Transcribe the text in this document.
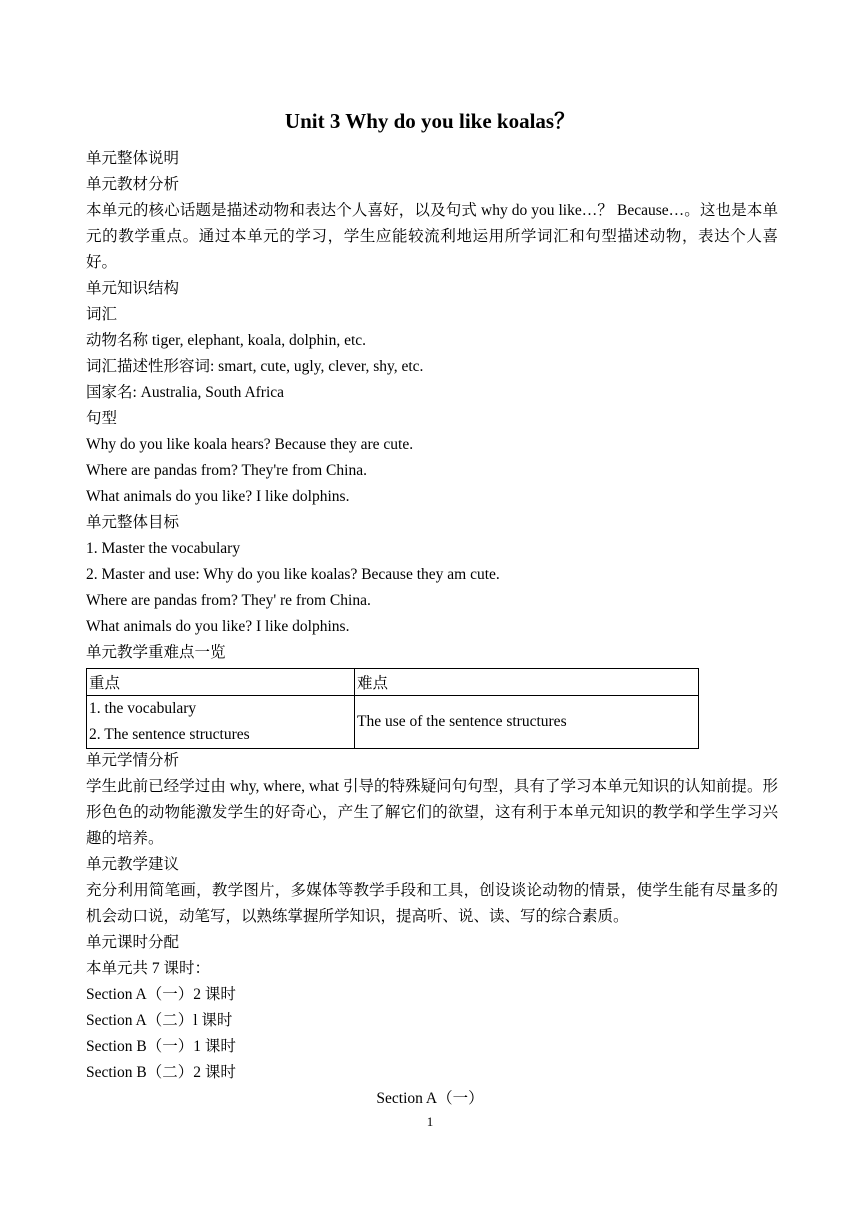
Unit 3 Why do you like koalas？
单元整体说明
单元教材分析
本单元的核心话题是描述动物和表达个人喜好，以及句式 why do you like…？ Because…。这也是本单元的教学重点。通过本单元的学习，学生应能较流利地运用所学词汇和句型描述动物，表达个人喜好。
单元知识结构
词汇
动物名称 tiger, elephant, koala, dolphin, etc.
词汇描述性形容词: smart, cute, ugly, clever, shy, etc.
国家名: Australia, South Africa
句型
Why do you like koala hears? Because they are cute.
Where are pandas from? They're from China.
What animals do you like? I like dolphins.
单元整体目标
1. Master the vocabulary
2. Master and use: Why do you like koalas? Because they am cute.
Where are pandas from? They' re from China.
What animals do you like? I like dolphins.
单元教学重难点一览
重点	难点

1. the vocabulary
2. The sentence structures	The use of the sentence structures
单元学情分析
学生此前已经学过由 why, where, what 引导的特殊疑问句句型，具有了学习本单元知识的认知前提。形形色色的动物能激发学生的好奇心，产生了解它们的欲望，这有利于本单元知识的教学和学生学习兴趣的培养。
单元教学建议
充分利用简笔画，教学图片，多媒体等教学手段和工具，创设谈论动物的情景，使学生能有尽量多的机会动口说，动笔写，以熟练掌握所学知识，提高听、说、读、写的综合素质。
单元课时分配
本单元共 7 课时：
Section A（一）2 课时
Section A（二）l 课时
Section B（一）1 课时
Section B（二）2 课时
Section A（一）
1
